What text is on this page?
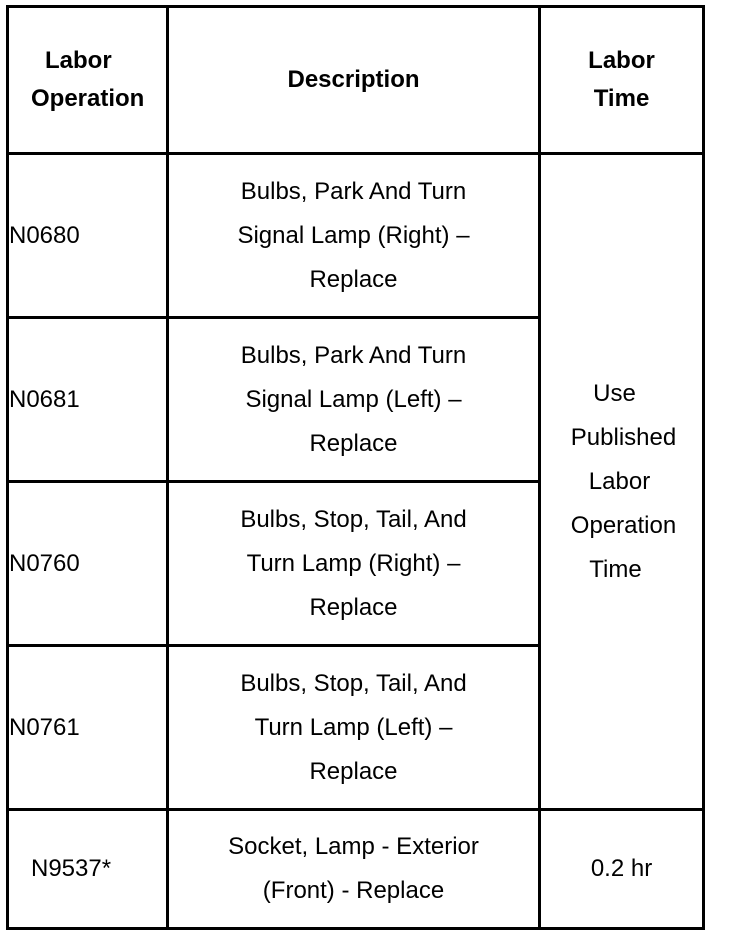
Labor
Operation	Description	Labor
Time

N0680	Bulbs, Park And Turn
Signal Lamp (Right) –
Replace	Use
Published
Labor
Operation
Time

N0681	Bulbs, Park And Turn
Signal Lamp (Left) –
Replace	

N0760	Bulbs, Stop, Tail, And
Turn Lamp (Right) –
Replace	

N0761	Bulbs, Stop, Tail, And
Turn Lamp (Left) –
Replace	

N9537*	Socket, Lamp - Exterior
(Front) - Replace	0.2 hr
